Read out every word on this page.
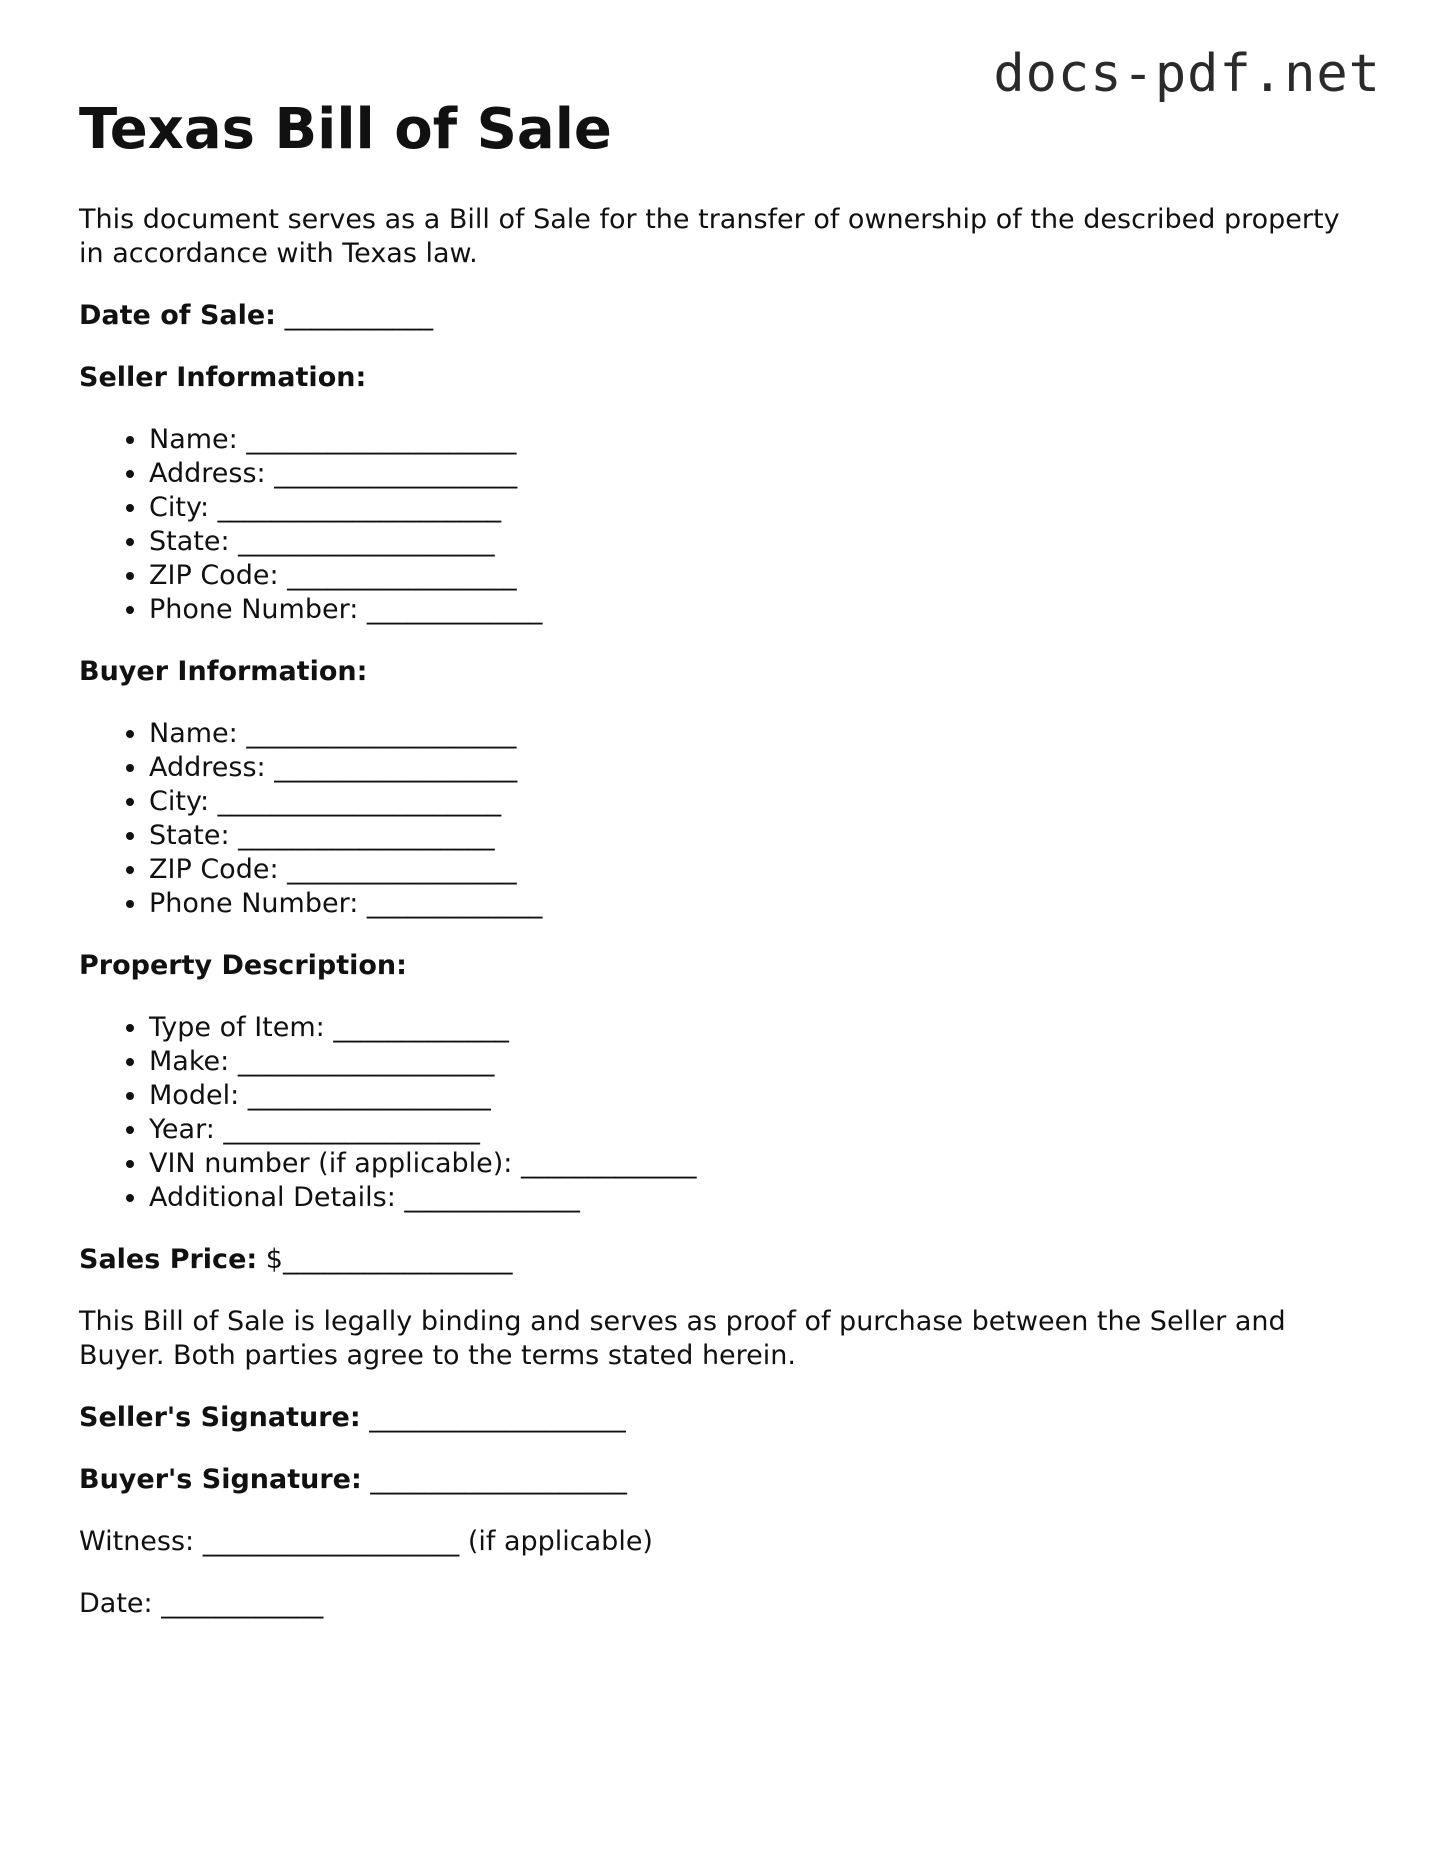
docs-pdf.net
Texas Bill of Sale

This document serves as a Bill of Sale for the transfer of ownership of the described property in accordance with Texas law.

Date of Sale: ___________

Seller Information:

• Name: ____________________
• Address: __________________
• City: _____________________
• State: ___________________
• ZIP Code: _________________
• Phone Number: _____________

Buyer Information:

• Name: ____________________
• Address: __________________
• City: _____________________
• State: ___________________
• ZIP Code: _________________
• Phone Number: _____________

Property Description:

• Type of Item: _____________
• Make: ___________________
• Model: __________________
• Year: ___________________
• VIN number (if applicable): _____________
• Additional Details: _____________

Sales Price: $_________________

This Bill of Sale is legally binding and serves as proof of purchase between the Seller and Buyer. Both parties agree to the terms stated herein.

Seller's Signature: ___________________

Buyer's Signature: ___________________

Witness: ___________________ (if applicable)

Date: ____________
